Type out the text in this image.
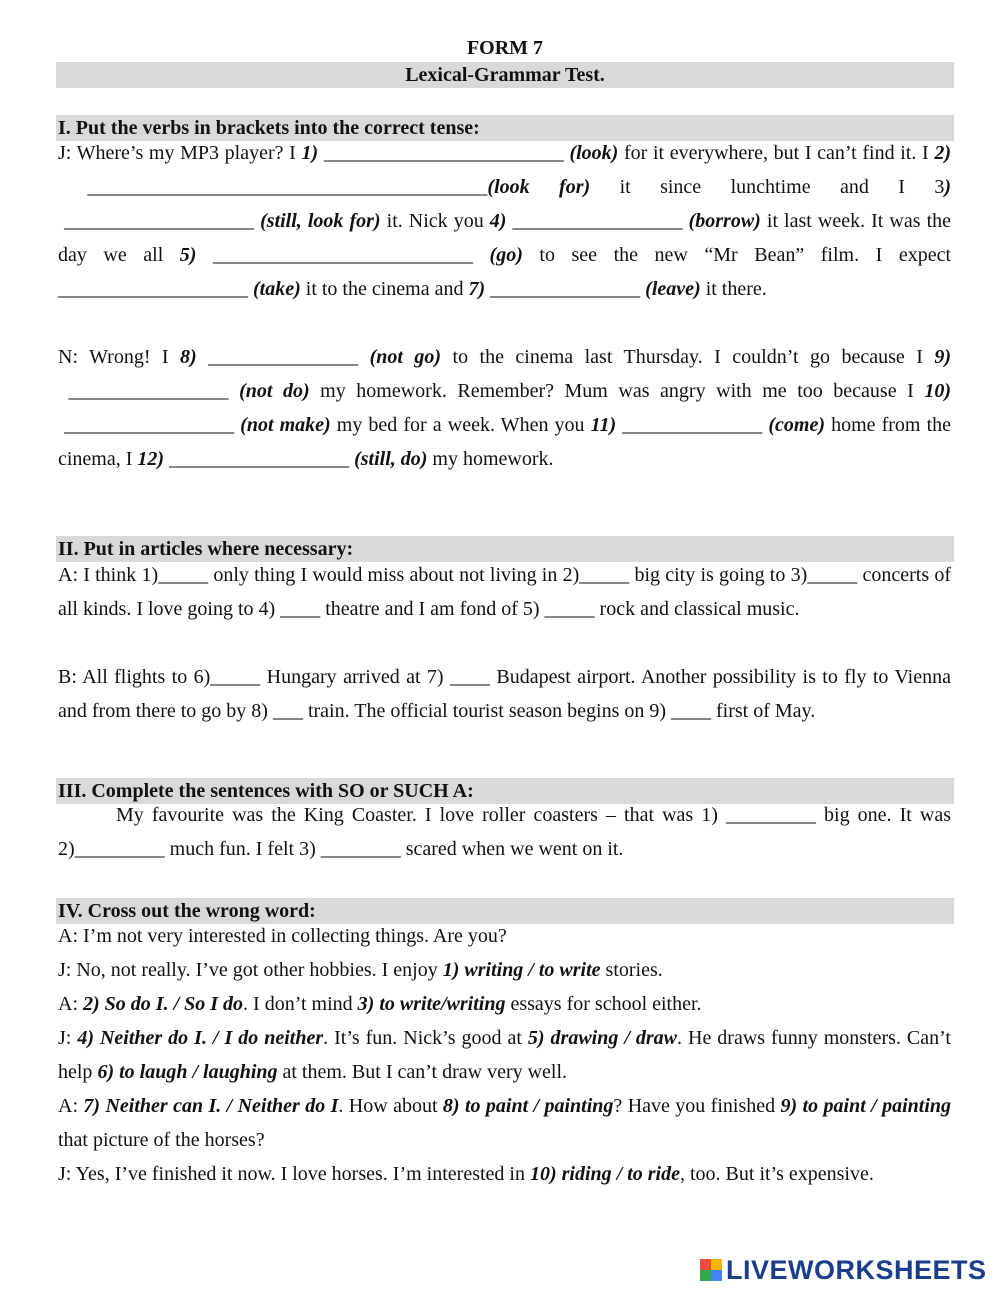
FORM 7
Lexical-Grammar Test.
I. Put the verbs in brackets into the correct tense:
J: Where’s my MP3 player? I 1) ________________________ (look) for it everywhere, but I can’t find it. I 2) ________________________________________(look for) it since lunchtime and I 3) ___________________ (still, look for) it. Nick you 4) _________________ (borrow) it last week. It was the day we all 5) __________________________ (go) to see the new “Mr Bean” film. I expect ___________________ (take) it to the cinema and 7) _______________ (leave) it there.
N: Wrong! I 8) _______________ (not go) to the cinema last Thursday. I couldn’t go because I 9) ________________ (not do) my homework. Remember? Mum was angry with me too because I 10) _________________ (not make) my bed for a week. When you 11) ______________ (come) home from the cinema, I 12) __________________ (still, do) my homework.
II. Put in articles where necessary:
A: I think 1)_____ only thing I would miss about not living in 2)_____ big city is going to 3)_____ concerts of all kinds. I love going to 4) ____ theatre and I am fond of 5) _____ rock and classical music.
B: All flights to 6)_____ Hungary arrived at 7) ____ Budapest airport. Another possibility is to fly to Vienna and from there to go by 8) ___ train. The official tourist season begins on 9) ____ first of May.
III. Complete the sentences with SO or SUCH A:
My favourite was the King Coaster. I love roller coasters – that was 1) _________ big one. It was 2)_________ much fun. I felt 3) ________ scared when we went on it.
IV. Cross out the wrong word:
A: I’m not very interested in collecting things. Are you?
J: No, not really. I’ve got other hobbies. I enjoy 1) writing / to write stories.
A: 2) So do I. / So I do. I don’t mind 3) to write/writing essays for school either.
J: 4) Neither do I. / I do neither. It’s fun. Nick’s good at 5) drawing / draw. He draws funny monsters. Can’t help 6) to laugh / laughing at them. But I can’t draw very well.
A: 7) Neither can I. / Neither do I. How about 8) to paint / painting? Have you finished 9) to paint / painting that picture of the horses?
J: Yes, I’ve finished it now. I love horses. I’m interested in 10) riding / to ride, too. But it’s expensive.
LIVEWORKSHEETS
